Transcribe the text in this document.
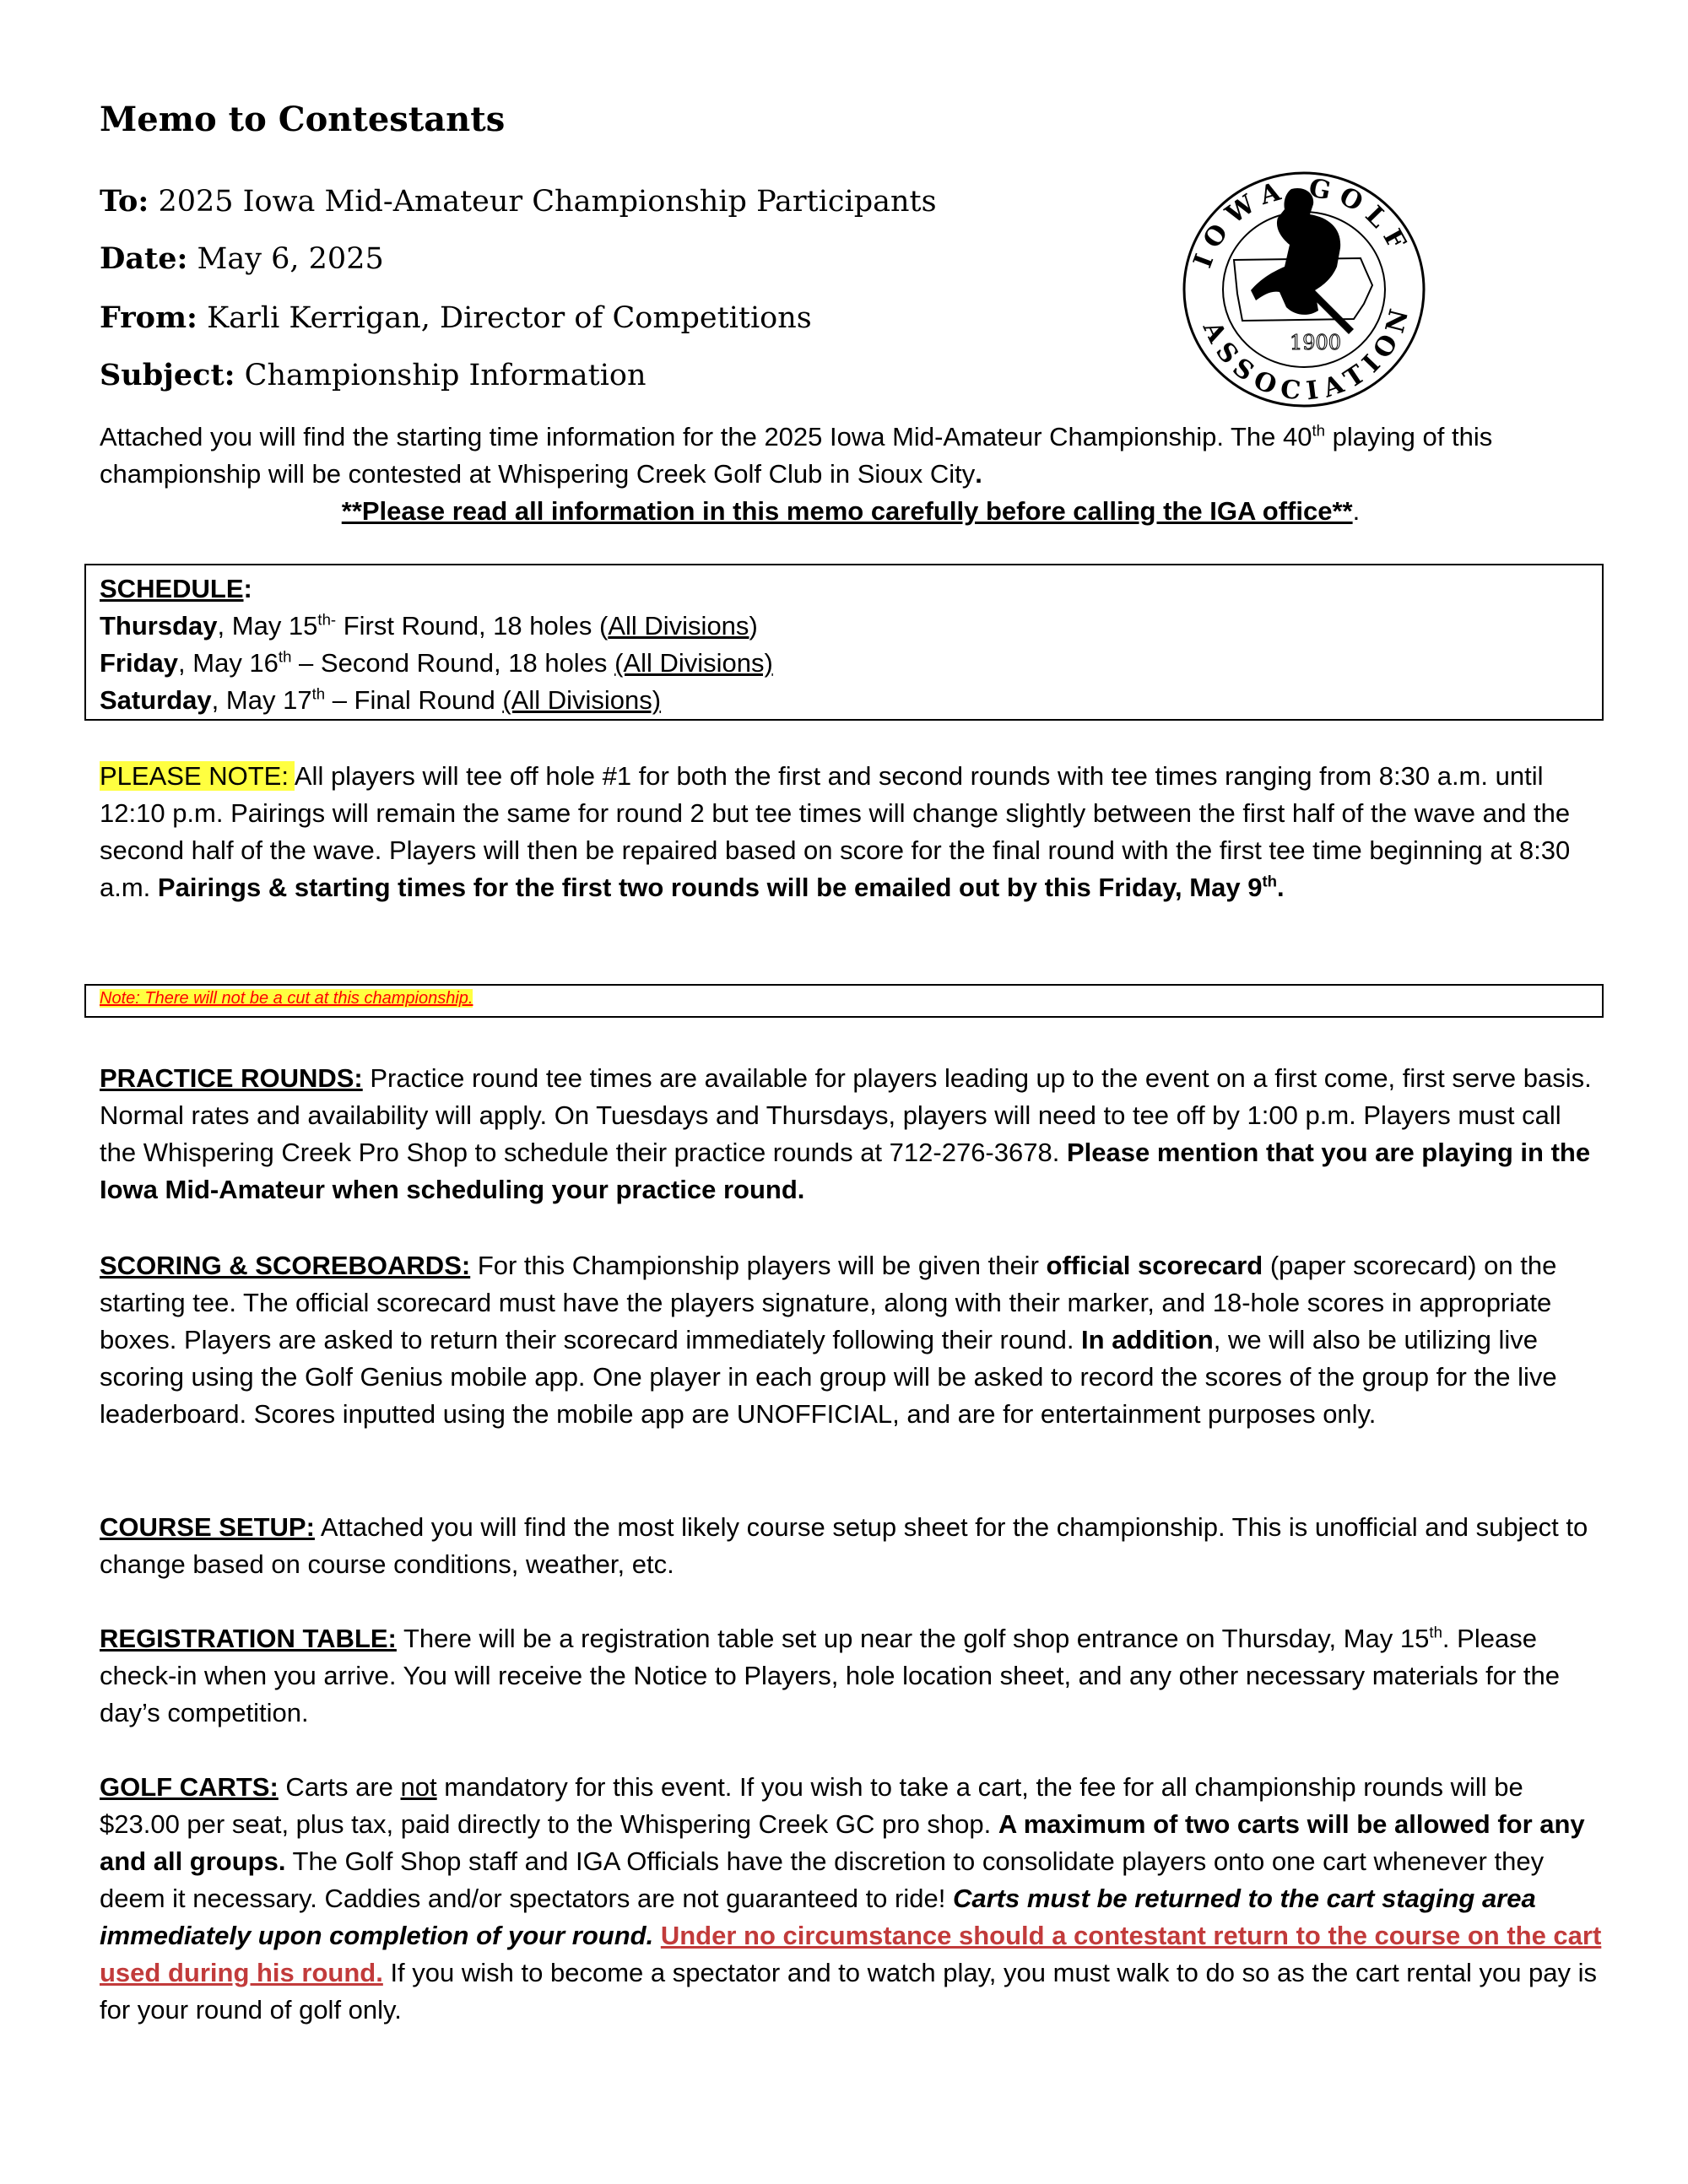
Memo to Contestants
To: 2025 Iowa Mid-Amateur Championship Participants
Date: May 6, 2025
From: Karli Kerrigan, Director of Competitions
Subject: Championship Information
1900
IOWA GOLF
ASSOCIATION
Attached you will find the starting time information for the 2025 Iowa Mid-Amateur Championship. The 40th playing of this championship will be contested at Whispering Creek Golf Club in Sioux City.
**Please read all information in this memo carefully before calling the IGA office**.
SCHEDULE:
Thursday, May $15^{th-}$ First Round, 18 holes (All Divisions)
Friday, May 16th – Second Round, 18 holes (All Divisions)
Saturday, May 17th – Final Round (All Divisions)
PLEASE NOTE: All players will tee off hole #1 for both the first and second rounds with tee times ranging from 8:30 a.m. until 12:10 p.m. Pairings will remain the same for round 2 but tee times will change slightly between the first half of the wave and the second half of the wave. Players will then be repaired based on score for the final round with the first tee time beginning at 8:30 a.m. Pairings & starting times for the first two rounds will be emailed out by this Friday, May 9th.
Note: There will not be a cut at this championship.
PRACTICE ROUNDS: Practice round tee times are available for players leading up to the event on a first come, first serve basis. Normal rates and availability will apply. On Tuesdays and Thursdays, players will need to tee off by 1:00 p.m. Players must call the Whispering Creek Pro Shop to schedule their practice rounds at 712-276-3678. Please mention that you are playing in the Iowa Mid-Amateur when scheduling your practice round.
SCORING & SCOREBOARDS: For this Championship players will be given their official scorecard (paper scorecard) on the starting tee. The official scorecard must have the players signature, along with their marker, and 18-hole scores in appropriate boxes. Players are asked to return their scorecard immediately following their round. In addition, we will also be utilizing live scoring using the Golf Genius mobile app. One player in each group will be asked to record the scores of the group for the live leaderboard. Scores inputted using the mobile app are UNOFFICIAL, and are for entertainment purposes only.
COURSE SETUP: Attached you will find the most likely course setup sheet for the championship. This is unofficial and subject to change based on course conditions, weather, etc.
REGISTRATION TABLE: There will be a registration table set up near the golf shop entrance on Thursday, May 15th. Please check-in when you arrive. You will receive the Notice to Players, hole location sheet, and any other necessary materials for the day’s competition.
GOLF CARTS: Carts are not mandatory for this event. If you wish to take a cart, the fee for all championship rounds will be $23.00 per seat, plus tax, paid directly to the Whispering Creek GC pro shop. A maximum of two carts will be allowed for any and all groups. The Golf Shop staff and IGA Officials have the discretion to consolidate players onto one cart whenever they deem it necessary. Caddies and/or spectators are not guaranteed to ride! Carts must be returned to the cart staging area immediately upon completion of your round. Under no circumstance should a contestant return to the course on the cart used during his round. If you wish to become a spectator and to watch play, you must walk to do so as the cart rental you pay is for your round of golf only.
